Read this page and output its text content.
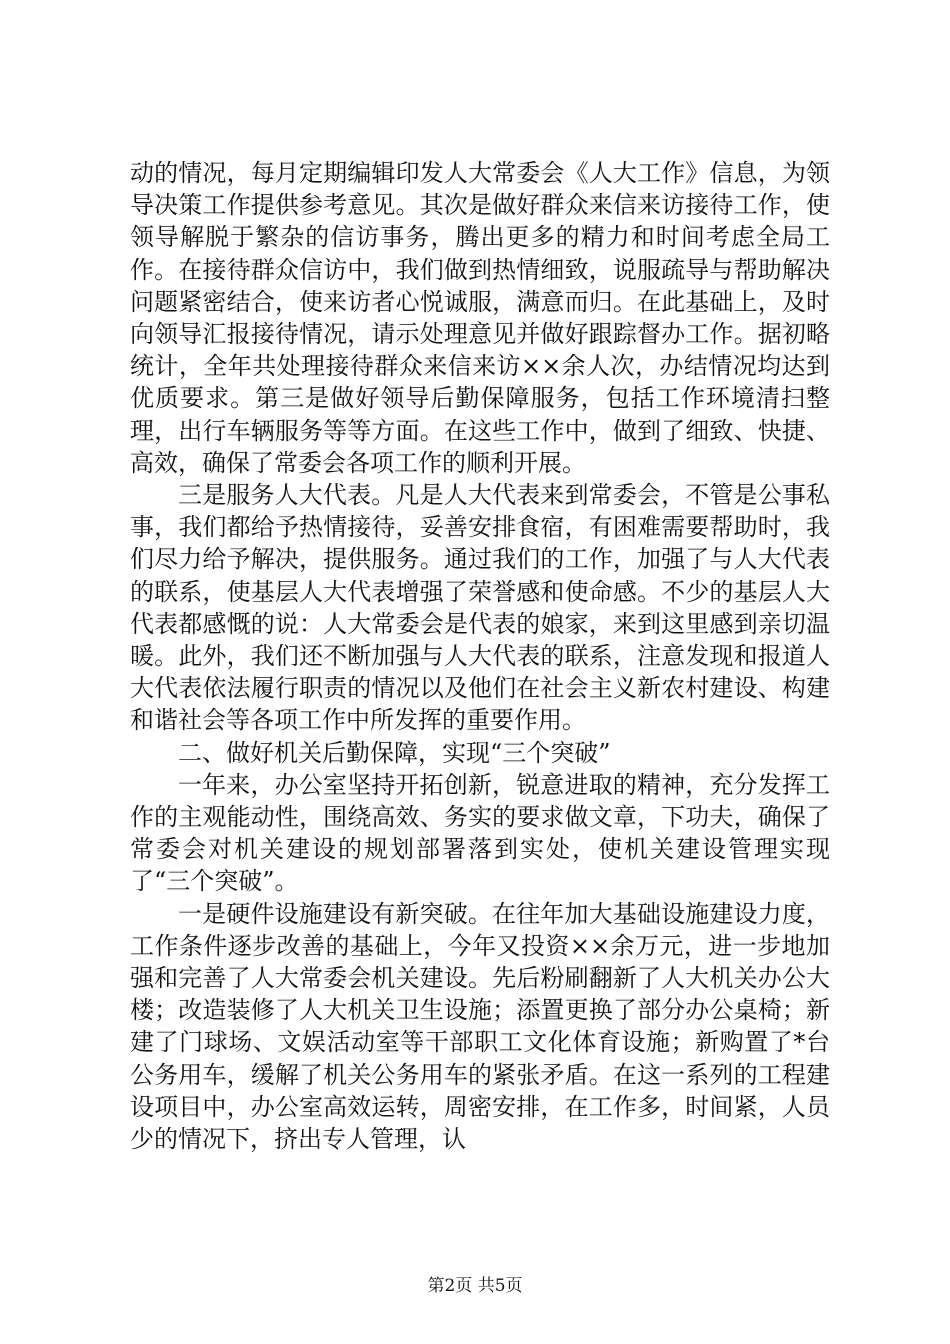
动的情况，每月定期编辑印发人大常委会《人大工作》信息，为领导决策工作提供参考意见。其次是做好群众来信来访接待工作，使领导解脱于繁杂的信访事务，腾出更多的精力和时间考虑全局工作。在接待群众信访中，我们做到热情细致，说服疏导与帮助解决问题紧密结合，使来访者心悦诚服，满意而归。在此基础上，及时向领导汇报接待情况，请示处理意见并做好跟踪督办工作。据初略统计，全年共处理接待群众来信来访××余人次，办结情况均达到优质要求。第三是做好领导后勤保障服务，包括工作环境清扫整理，出行车辆服务等等方面。在这些工作中，做到了细致、快捷、高效，确保了常委会各项工作的顺利开展。

三是服务人大代表。凡是人大代表来到常委会，不管是公事私事，我们都给予热情接待，妥善安排食宿，有困难需要帮助时，我们尽力给予解决，提供服务。通过我们的工作，加强了与人大代表的联系，使基层人大代表增强了荣誉感和使命感。不少的基层人大代表都感慨的说：人大常委会是代表的娘家，来到这里感到亲切温暖。此外，我们还不断加强与人大代表的联系，注意发现和报道人大代表依法履行职责的情况以及他们在社会主义新农村建设、构建和谐社会等各项工作中所发挥的重要作用。

二、做好机关后勤保障，实现“三个突破”

一年来，办公室坚持开拓创新，锐意进取的精神，充分发挥工作的主观能动性，围绕高效、务实的要求做文章，下功夫，确保了常委会对机关建设的规划部署落到实处，使机关建设管理实现了“三个突破”。

一是硬件设施建设有新突破。在往年加大基础设施建设力度，工作条件逐步改善的基础上，今年又投资××余万元，进一步地加强和完善了人大常委会机关建设。先后粉刷翻新了人大机关办公大楼；改造装修了人大机关卫生设施；添置更换了部分办公桌椅；新建了门球场、文娱活动室等干部职工文化体育设施；新购置了*台公务用车，缓解了机关公务用车的紧张矛盾。在这一系列的工程建设项目中，办公室高效运转，周密安排，在工作多，时间紧，人员少的情况下，挤出专人管理，认

第2页 共5页
